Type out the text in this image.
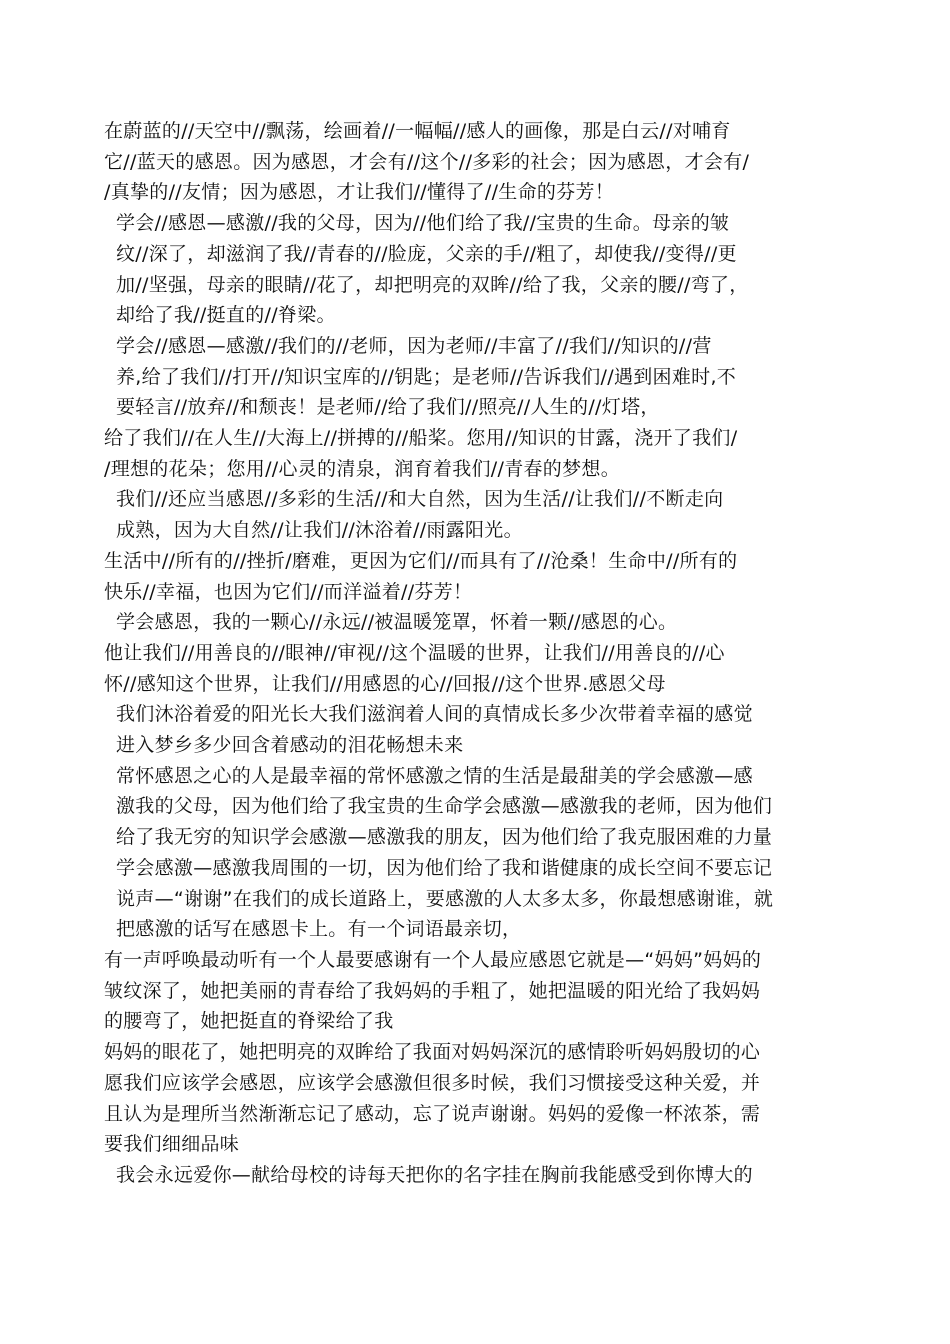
在蔚蓝的//天空中//飘荡，绘画着//一幅幅//感人的画像，那是白云//对哺育
它//蓝天的感恩。因为感恩，才会有//这个//多彩的社会；因为感恩，才会有/
/真挚的//友情；因为感恩，才让我们//懂得了//生命的芬芳！

学会//感恩—感激//我的父母，因为//他们给了我//宝贵的生命。母亲的皱
纹//深了，却滋润了我//青春的//脸庞，父亲的手//粗了，却使我//变得//更
加//坚强，母亲的眼睛//花了，却把明亮的双眸//给了我，父亲的腰//弯了，
却给了我//挺直的//脊梁。

学会//感恩—感激//我们的//老师，因为老师//丰富了//我们//知识的//营
养,给了我们//打开//知识宝库的//钥匙；是老师//告诉我们//遇到困难时,不
要轻言//放弃//和颓丧！是老师//给了我们//照亮//人生的//灯塔，

给了我们//在人生//大海上//拼搏的//船桨。您用//知识的甘露，浇开了我们/
/理想的花朵；您用//心灵的清泉，润育着我们//青春的梦想。

我们//还应当感恩//多彩的生活//和大自然，因为生活//让我们//不断走向
成熟，因为大自然//让我们//沐浴着//雨露阳光。

生活中//所有的//挫折/磨难，更因为它们//而具有了//沧桑！生命中//所有的
快乐//幸福，也因为它们//而洋溢着//芬芳！

学会感恩，我的一颗心//永远//被温暖笼罩，怀着一颗//感恩的心。

他让我们//用善良的//眼神//审视//这个温暖的世界，让我们//用善良的//心
怀//感知这个世界，让我们//用感恩的心//回报//这个世界.感恩父母

我们沐浴着爱的阳光长大我们滋润着人间的真情成长多少次带着幸福的感觉
进入梦乡多少回含着感动的泪花畅想未来

常怀感恩之心的人是最幸福的常怀感激之情的生活是最甜美的学会感激—感
激我的父母，因为他们给了我宝贵的生命学会感激—感激我的老师，因为他们
给了我无穷的知识学会感激—感激我的朋友，因为他们给了我克服困难的力量
学会感激—感激我周围的一切，因为他们给了我和谐健康的成长空间不要忘记
说声—“谢谢”在我们的成长道路上，要感激的人太多太多，你最想感谢谁，就
把感激的话写在感恩卡上。有一个词语最亲切，

有一声呼唤最动听有一个人最要感谢有一个人最应感恩它就是—“妈妈”妈妈的
皱纹深了，她把美丽的青春给了我妈妈的手粗了，她把温暖的阳光给了我妈妈
的腰弯了，她把挺直的脊梁给了我

妈妈的眼花了，她把明亮的双眸给了我面对妈妈深沉的感情聆听妈妈殷切的心
愿我们应该学会感恩，应该学会感激但很多时候，我们习惯接受这种关爱，并
且认为是理所当然渐渐忘记了感动，忘了说声谢谢。妈妈的爱像一杯浓茶，需
要我们细细品味

我会永远爱你—献给母校的诗每天把你的名字挂在胸前我能感受到你博大的
